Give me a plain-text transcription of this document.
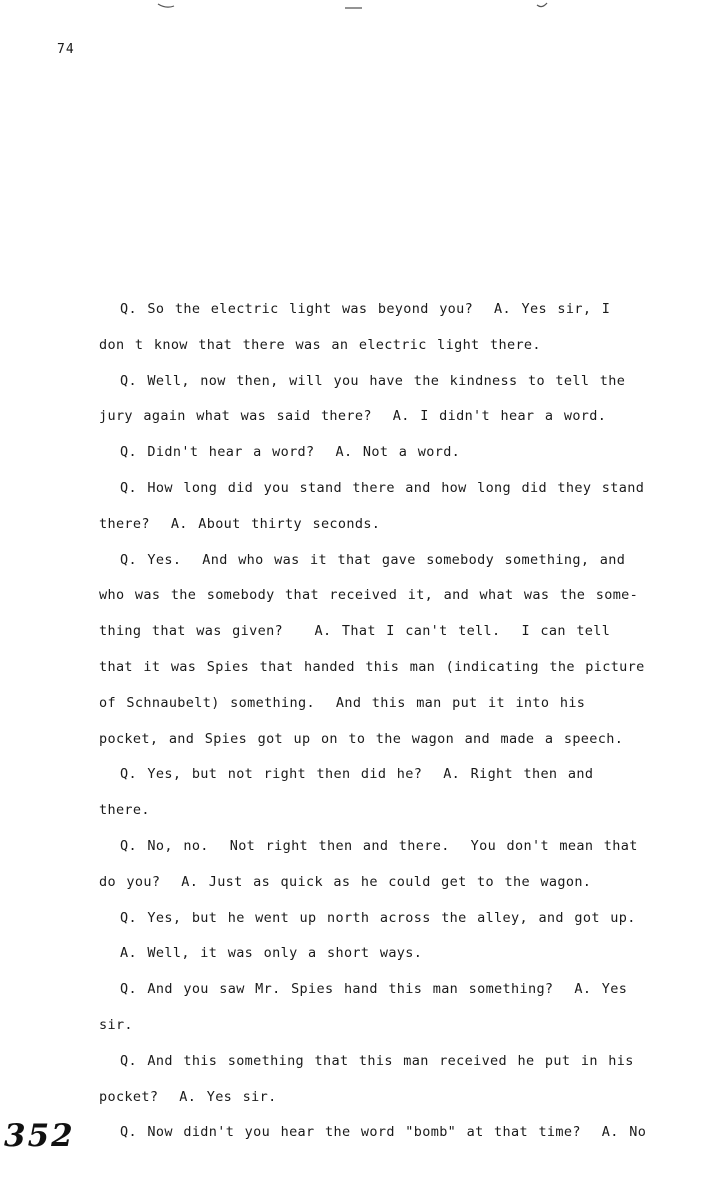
74
Q. So the electric light was beyond you?  A. Yes sir, I
don t know that there was an electric light there.
Q. Well, now then, will you have the kindness to tell the
jury again what was said there?  A. I didn't hear a word.
Q. Didn't hear a word?  A. Not a word.
Q. How long did you stand there and how long did they stand
there?  A. About thirty seconds.
Q. Yes.  And who was it that gave somebody something, and
who was the somebody that received it, and what was the some-
thing that was given?   A. That I can't tell.  I can tell
that it was Spies that handed this man (indicating the picture
of Schnaubelt) something.  And this man put it into his
pocket, and Spies got up on to the wagon and made a speech.
Q. Yes, but not right then did he?  A. Right then and
there.
Q. No, no.  Not right then and there.  You don't mean that
do you?  A. Just as quick as he could get to the wagon.
Q. Yes, but he went up north across the alley, and got up.
A. Well, it was only a short ways.
Q. And you saw Mr. Spies hand this man something?  A. Yes
sir.
Q. And this something that this man received he put in his
pocket?  A. Yes sir.
Q. Now didn't you hear the word "bomb" at that time?  A. No
352
